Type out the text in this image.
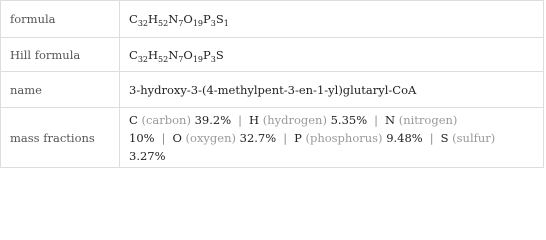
formula	$C_{32}H_{52}N_7O_{19}P_3S_1$
Hill formula	$C_{32}H_{52}N_7O_{19}P_3S$
name	3-hydroxy-3-(4-methylpent-3-en-1-yl)glutaryl-CoA
mass fractions	C (carbon) 39.2% | H (hydrogen) 5.35% | N (nitrogen) 10% | O (oxygen) 32.7% | P (phosphorus) 9.48% | S (sulfur) 3.27%
